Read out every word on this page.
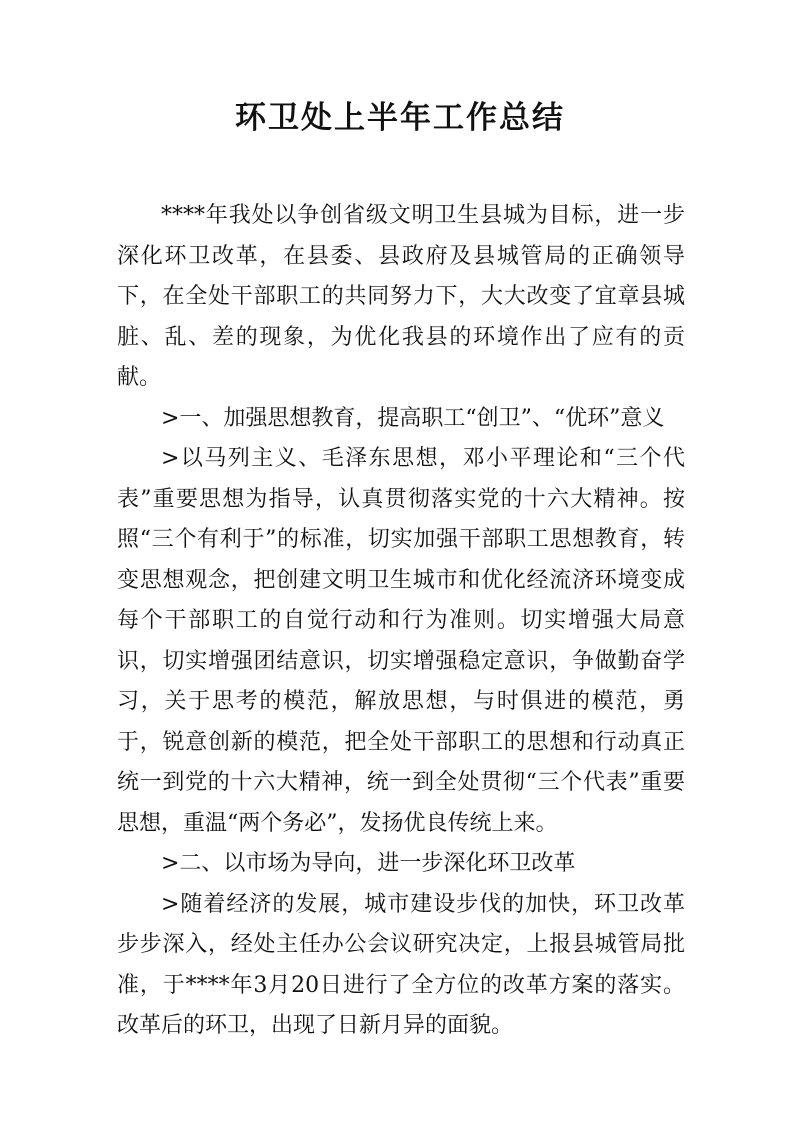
环卫处上半年工作总结

****年我处以争创省级文明卫生县城为目标，进一步深化环卫改革，在县委、县政府及县城管局的正确领导下，在全处干部职工的共同努力下，大大改变了宜章县城脏、乱、差的现象，为优化我县的环境作出了应有的贡献。

>一、加强思想教育，提高职工“创卫”、“优环”意义

>以马列主义、毛泽东思想，邓小平理论和“三个代表”重要思想为指导，认真贯彻落实党的十六大精神。按照“三个有利于”的标准，切实加强干部职工思想教育，转变思想观念，把创建文明卫生城市和优化经流济环境变成每个干部职工的自觉行动和行为准则。切实增强大局意识，切实增强团结意识，切实增强稳定意识，争做勤奋学习，关于思考的模范，解放思想，与时俱进的模范，勇于，锐意创新的模范，把全处干部职工的思想和行动真正统一到党的十六大精神，统一到全处贯彻“三个代表”重要思想，重温“两个务必”，发扬优良传统上来。

>二、以市场为导向，进一步深化环卫改革

>随着经济的发展，城市建设步伐的加快，环卫改革步步深入，经处主任办公会议研究决定，上报县城管局批准，于****年3月20日进行了全方位的改革方案的落实。改革后的环卫，出现了日新月异的面貌。
